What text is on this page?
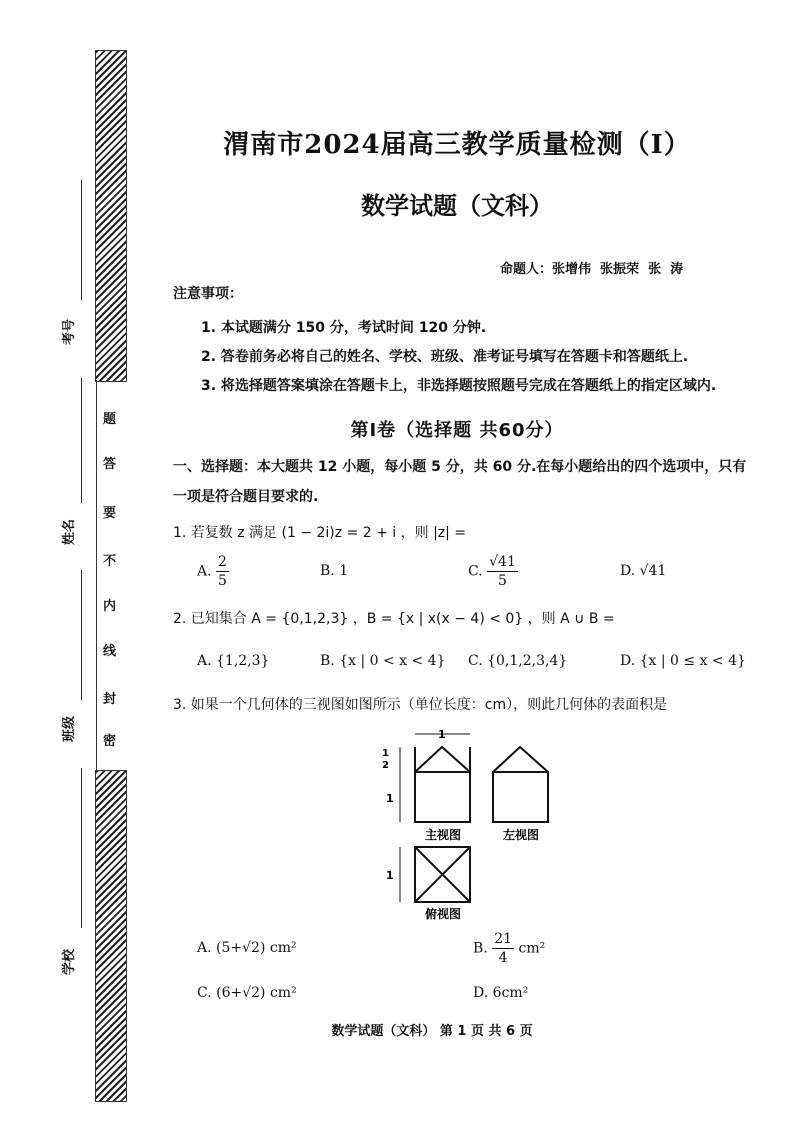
题
答
要
不
内
线
封
密
考号
姓名
班级
学校
渭南市2024届高三教学质量检测（Ⅰ）
数学试题（文科）
命题人：张增伟  张振荣  张  涛
注意事项：
1. 本试题满分 150 分，考试时间 120 分钟.
2. 答卷前务必将自己的姓名、学校、班级、准考证号填写在答题卡和答题纸上.
3. 将选择题答案填涂在答题卡上，非选择题按照题号完成在答题纸上的指定区域内.
第Ⅰ卷（选择题 共60分）
一、选择题：本大题共 12 小题，每小题 5 分，共 60 分.在每小题给出的四个选项中，只有
一项是符合题目要求的.
1. 若复数 z 满足 (1 − 2i)z = 2 + i ，则 |z| =
A. $\frac{2}{5}$	B. 1	C. $\frac{√41}{5}$	D. √41
2. 已知集合 A = {0,1,2,3} ，B = {x | x(x − 4) < 0} ，则 A ∪ B =
A. {1,2,3}	B. {x | 0 < x < 4} C. {0,1,2,3,4}	D. {x | 0 ≤ x < 4}
3. 如果一个几何体的三视图如图所示（单位长度：cm），则此几何体的表面积是
1
1
2
1
1
主视图	左视图
俯视图
A. (5+√2) cm²	B. $\frac{21}{4} cm^2$
C. (6+√2) cm²	D. 6cm²
数学试题（文科） 第 1 页 共 6 页
